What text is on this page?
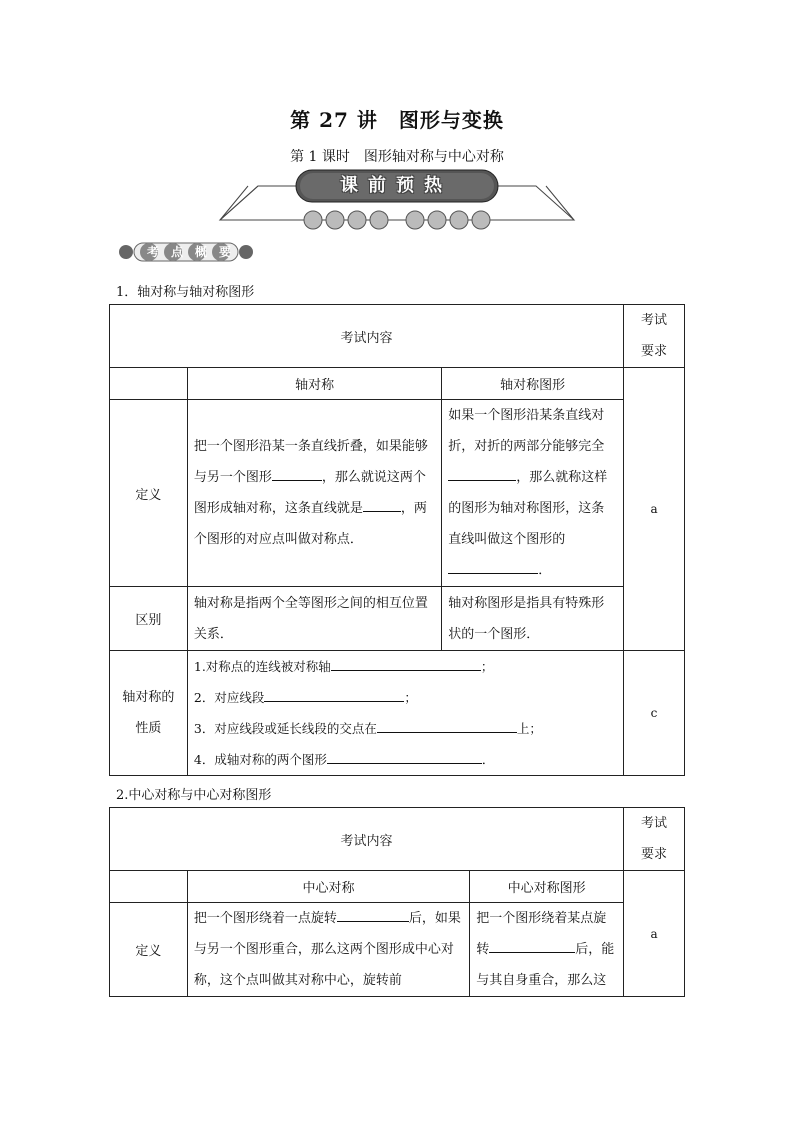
第 27 讲　图形与变换
第 1 课时　图形轴对称与中心对称
课前预热
考 点 概 要
1．轴对称与轴对称图形
考试内容			考试要求
	轴对称	轴对称图形	a
定义	把一个图形沿某一条直线折叠，如果能够与另一个图形 ，那么就说这两个图形成轴对称，这条直线就是 ，两个图形的对应点叫做对称点．	如果一个图形沿某条直线对折，对折的两部分能够完全，那么就称这样的图形为轴对称图形，这条直线叫做这个图形的．	
区别	轴对称是指两个全等图形之间的相互位置关系．	轴对称图形是指具有特殊形状的一个图形．	
轴对称的性质	1.对称点的连线被对称轴 ；
2．对应线段 ；
3．对应线段或延长线段的交点在 上；
4．成轴对称的两个图形 ．		c
2.中心对称与中心对称图形
考试内容			考试要求
	中心对称	中心对称图形	a
定义	把一个图形绕着一点旋转 后，如果与另一个图形重合，那么这两个图形成中心对称，这个点叫做其对称中心，旋转前	把一个图形绕着某点旋转 后，能与其自身重合，那么这	
